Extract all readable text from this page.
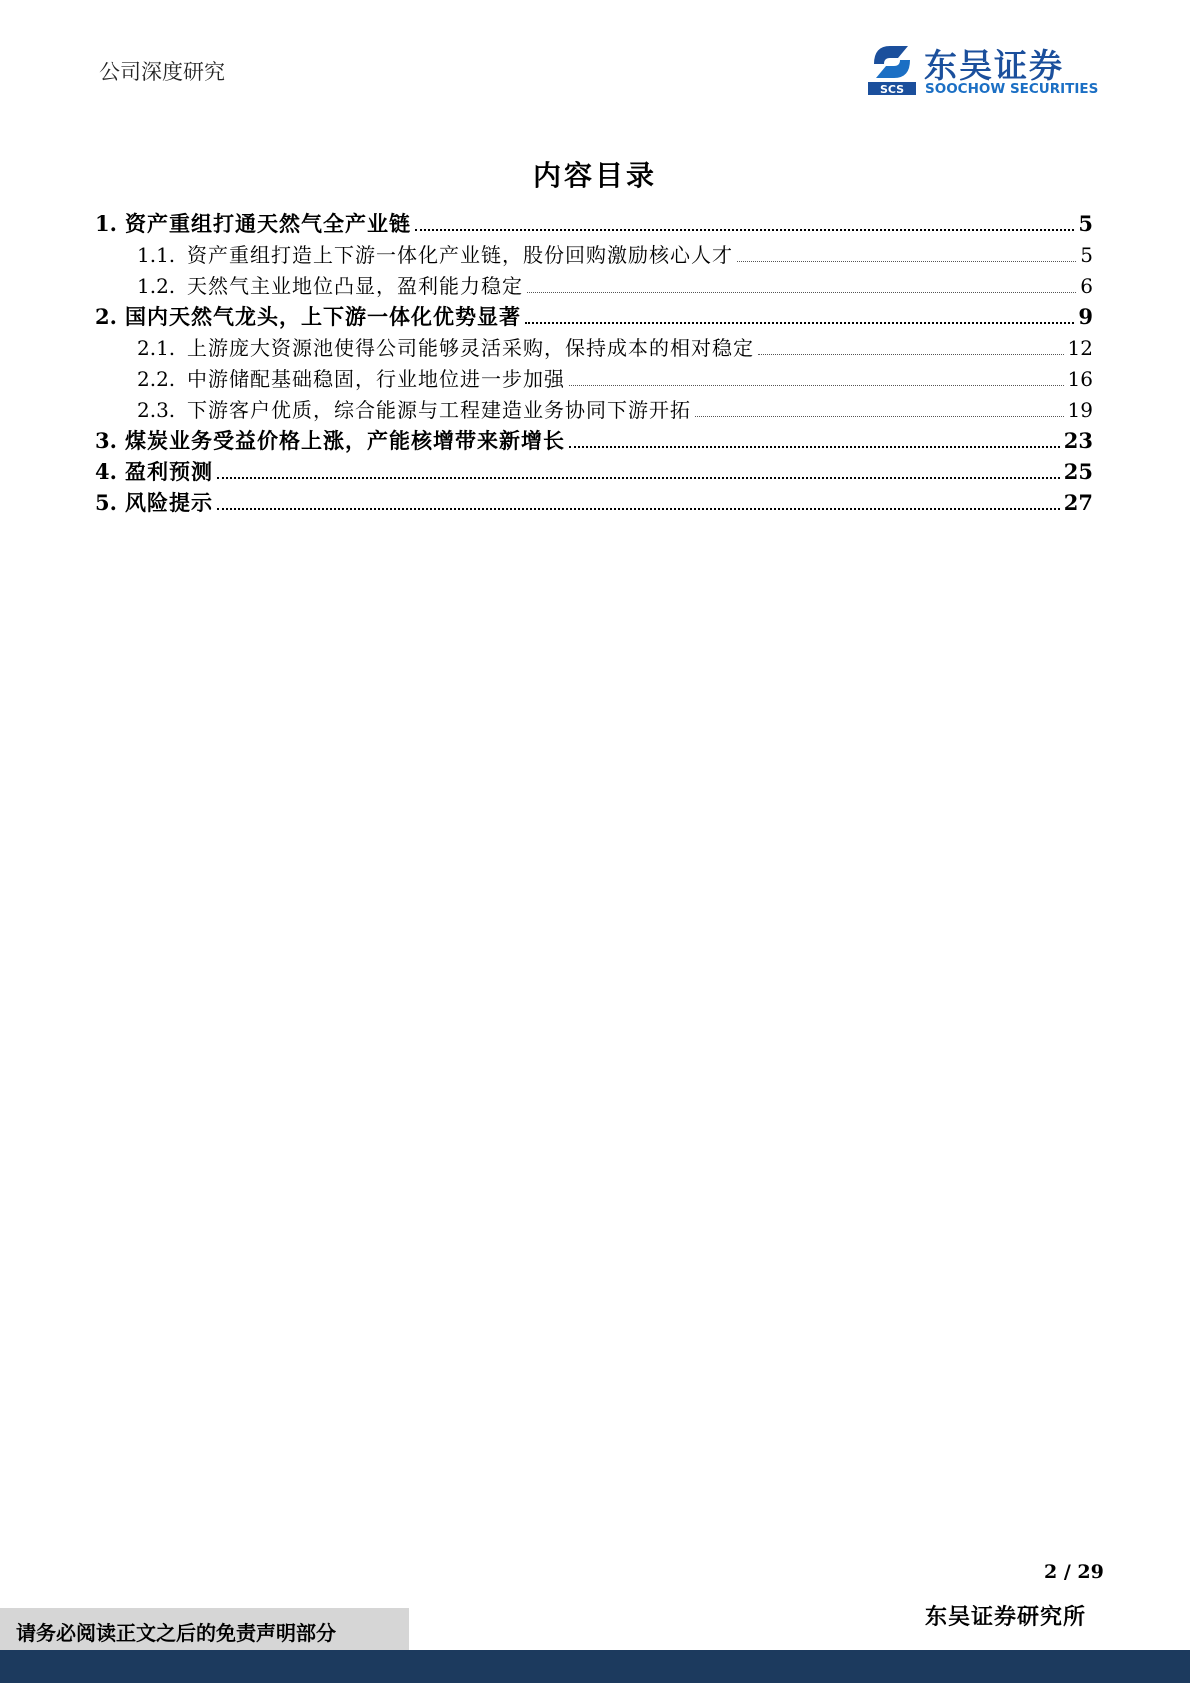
公司深度研究
SCS
东吴证券
SOOCHOW SECURITIES
内容目录
1. 资产重组打通天然气全产业链	5
1.1. 资产重组打造上下游一体化产业链，股份回购激励核心人才	5
1.2. 天然气主业地位凸显，盈利能力稳定	6
2. 国内天然气龙头，上下游一体化优势显著	9
2.1. 上游庞大资源池使得公司能够灵活采购，保持成本的相对稳定	12
2.2. 中游储配基础稳固，行业地位进一步加强	16
2.3. 下游客户优质，综合能源与工程建造业务协同下游开拓	19
3. 煤炭业务受益价格上涨，产能核增带来新增长	23
4. 盈利预测	25
5. 风险提示	27
2 / 29
东吴证券研究所
请务必阅读正文之后的免责声明部分
